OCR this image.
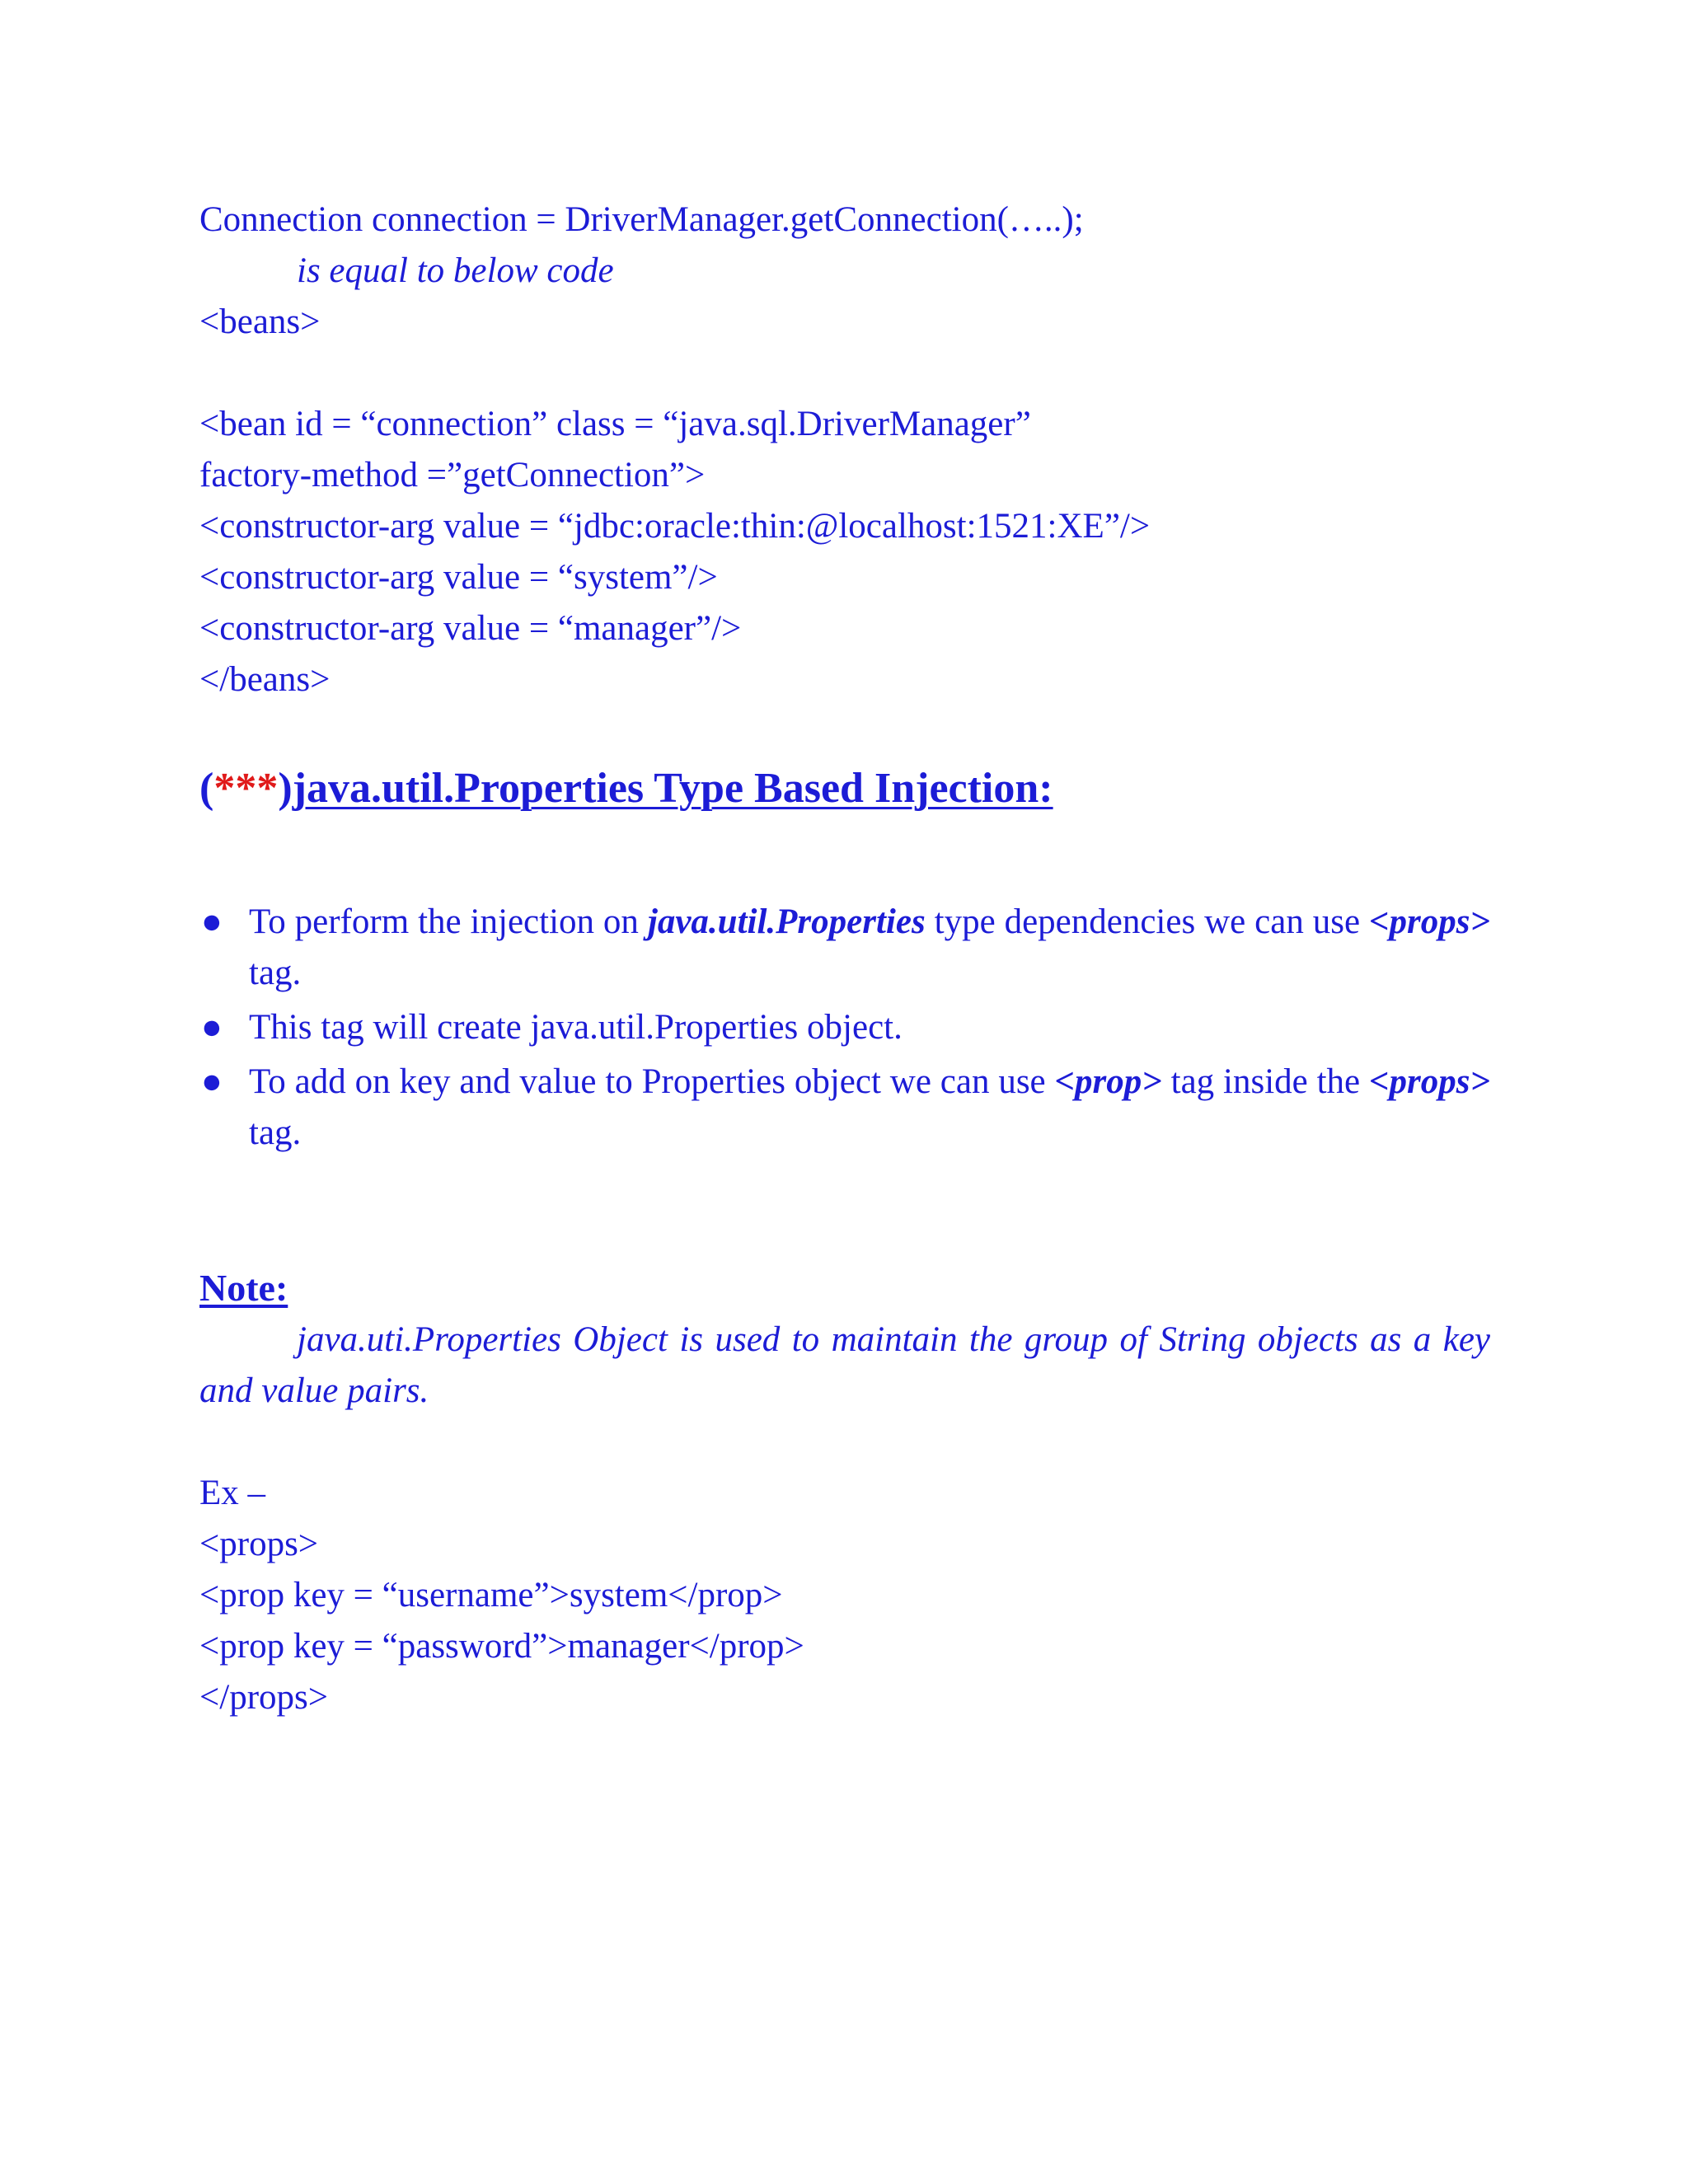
Connection connection = DriverManager.getConnection(…..);
is equal to below code
<beans>
<bean id = “connection” class = “java.sql.DriverManager”
factory-method =”getConnection”>
<constructor-arg value = “jdbc:oracle:thin:@localhost:1521:XE”/>
<constructor-arg value = “system”/>
<constructor-arg value = “manager”/>
</beans>
(***)java.util.Properties Type Based Injection:
● To perform the injection on java.util.Properties type dependencies we can use <props> tag.
● This tag will create java.util.Properties object.
● To add on key and value to Properties object we can use <prop> tag inside the <props> tag.
Note:
java.uti.Properties Object is used to maintain the group of String objects as a key and value pairs.
Ex –
<props>
<prop key = “username”>system</prop>
<prop key = “password”>manager</prop>
</props>
